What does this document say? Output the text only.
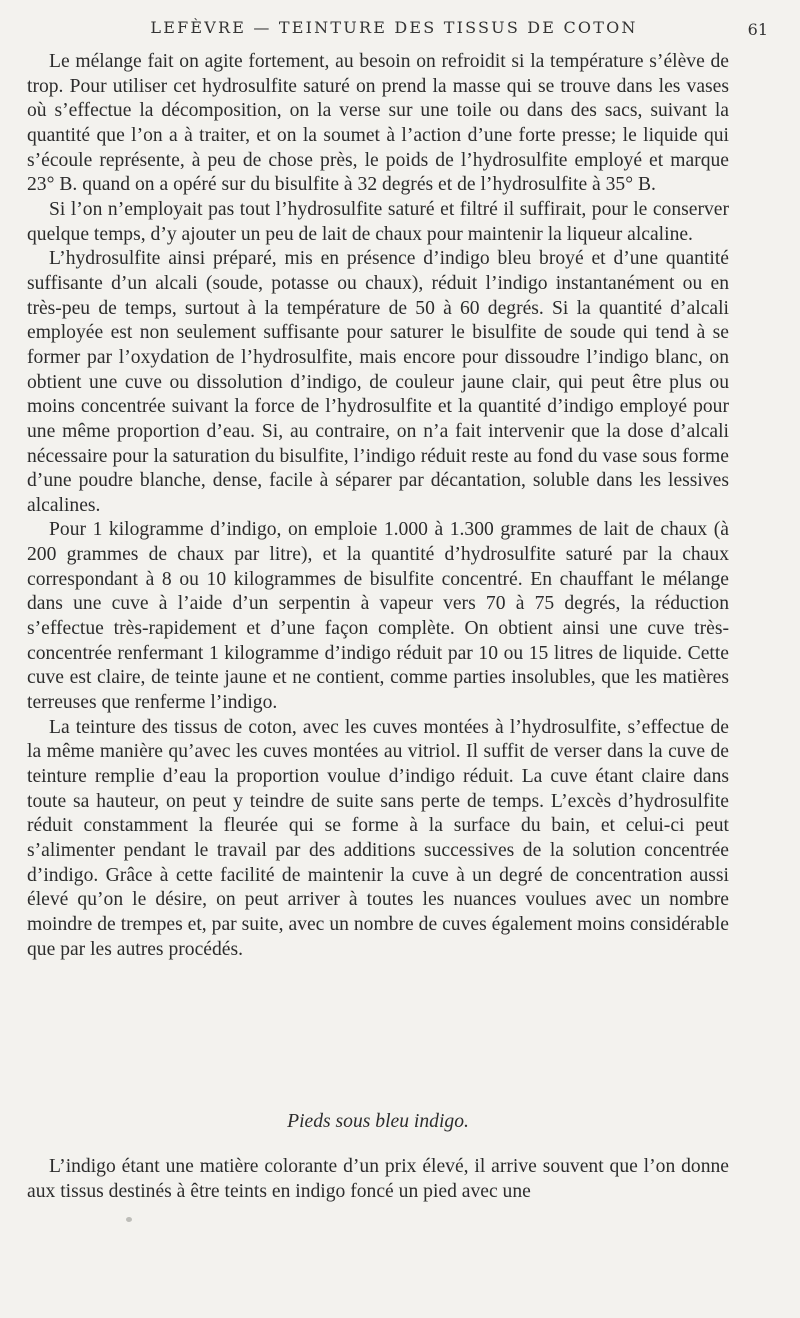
LEFÈVRE — TEINTURE DES TISSUS DE COTON	61

Le mélange fait on agite fortement, au besoin on refroidit si la température s’élève de trop. Pour utiliser cet hydrosulfite saturé on prend la masse qui se trouve dans les vases où s’effectue la décomposition, on la verse sur une toile ou dans des sacs, suivant la quantité que l’on a à traiter, et on la soumet à l’action d’une forte presse; le liquide qui s’écoule représente, à peu de chose près, le poids de l’hydrosulfite employé et marque 23° B. quand on a opéré sur du bisulfite à 32 degrés et de l’hydrosulfite à 35° B.

Si l’on n’employait pas tout l’hydrosulfite saturé et filtré il suffirait, pour le conserver quelque temps, d’y ajouter un peu de lait de chaux pour maintenir la liqueur alcaline.

L’hydrosulfite ainsi préparé, mis en présence d’indigo bleu broyé et d’une quantité suffisante d’un alcali (soude, potasse ou chaux), réduit l’indigo instantanément ou en très-peu de temps, surtout à la température de 50 à 60 degrés. Si la quantité d’alcali employée est non seulement suffisante pour saturer le bisulfite de soude qui tend à se former par l’oxydation de l’hydrosulfite, mais encore pour dissoudre l’indigo blanc, on obtient une cuve ou dissolution d’indigo, de couleur jaune clair, qui peut être plus ou moins concentrée suivant la force de l’hydrosulfite et la quantité d’indigo employé pour une même proportion d’eau. Si, au contraire, on n’a fait intervenir que la dose d’alcali nécessaire pour la saturation du bisulfite, l’indigo réduit reste au fond du vase sous forme d’une poudre blanche, dense, facile à séparer par décantation, soluble dans les lessives alcalines.

Pour 1 kilogramme d’indigo, on emploie 1.000 à 1.300 grammes de lait de chaux (à 200 grammes de chaux par litre), et la quantité d’hydrosulfite saturé par la chaux correspondant à 8 ou 10 kilogrammes de bisulfite concentré. En chauffant le mélange dans une cuve à l’aide d’un serpentin à vapeur vers 70 à 75 degrés, la réduction s’effectue très-rapidement et d’une façon complète. On obtient ainsi une cuve très-concentrée renfermant 1 kilogramme d’indigo réduit par 10 ou 15 litres de liquide. Cette cuve est claire, de teinte jaune et ne contient, comme parties insolubles, que les matières terreuses que renferme l’indigo.

La teinture des tissus de coton, avec les cuves montées à l’hydrosulfite, s’effectue de la même manière qu’avec les cuves montées au vitriol. Il suffit de verser dans la cuve de teinture remplie d’eau la proportion voulue d’indigo réduit. La cuve étant claire dans toute sa hauteur, on peut y teindre de suite sans perte de temps. L’excès d’hydrosulfite réduit constamment la fleurée qui se forme à la surface du bain, et celui-ci peut s’alimenter pendant le travail par des additions successives de la solution concentrée d’indigo. Grâce à cette facilité de maintenir la cuve à un degré de concentration aussi élevé qu’on le désire, on peut arriver à toutes les nuances voulues avec un nombre moindre de trempes et, par suite, avec un nombre de cuves également moins considérable que par les autres procédés.

Pieds sous bleu indigo.

L’indigo étant une matière colorante d’un prix élevé, il arrive souvent que l’on donne aux tissus destinés à être teints en indigo foncé un pied avec une
